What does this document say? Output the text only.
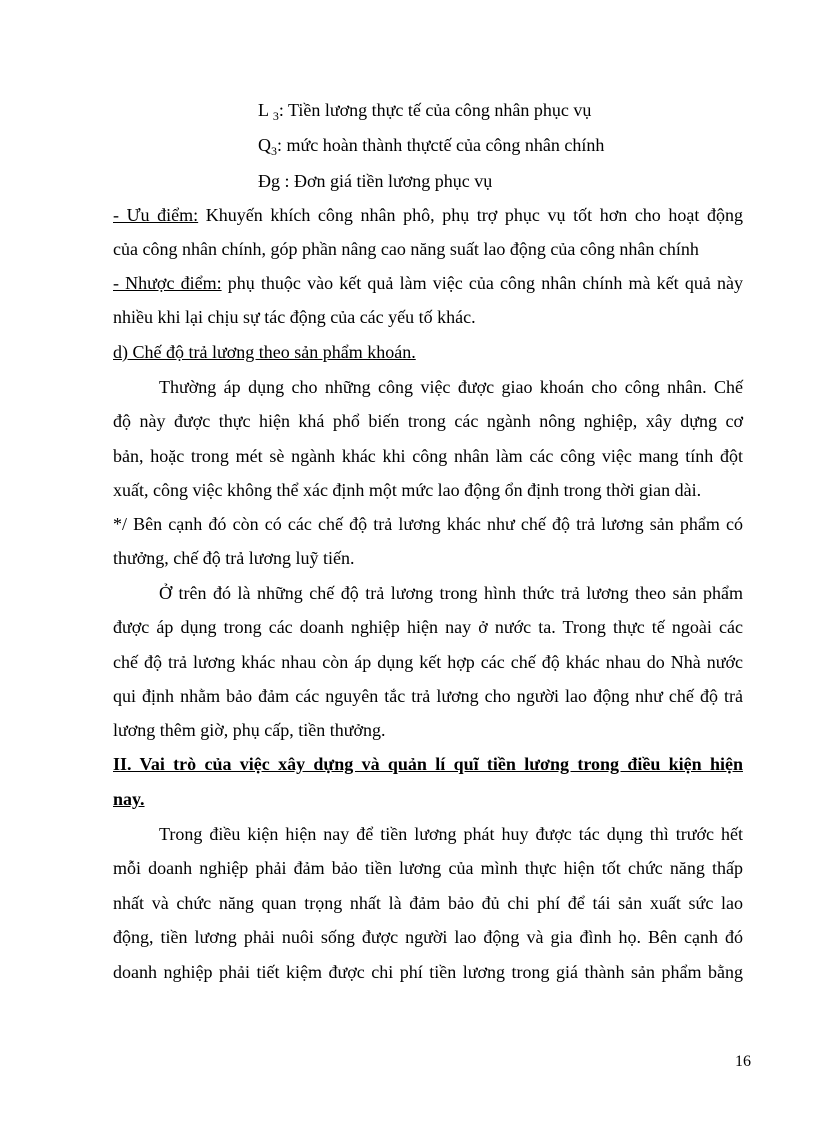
L $_3$: Tiền lương thực tế của công nhân phục vụ
$Q_3$: mức hoàn thành thựctế của công nhân chính
Đg : Đơn giá tiền lương phục vụ
- Ưu điểm: Khuyến khích công nhân phô, phụ trợ phục vụ tốt hơn cho hoạt động
của công nhân chính, góp phần nâng cao năng suất lao động của công nhân chính
- Nhược điểm: phụ thuộc vào kết quả làm việc của công nhân chính mà kết quả này
nhiều khi lại chịu sự tác động của các yếu tố khác.
d) Chế độ trả lương theo sản phẩm khoán.
Thường áp dụng cho những công việc được giao khoán cho công nhân. Chế
độ này được thực hiện khá phổ biến trong các ngành nông nghiệp, xây dựng cơ
bản, hoặc trong mét sè ngành khác khi công nhân làm các công việc mang tính đột
xuất, công việc không thể xác định một mức lao động ổn định trong thời gian dài.
*/ Bên cạnh đó còn có các chế độ trả lương khác như chế độ trả lương sản phẩm có
thưởng, chế độ trả lương luỹ tiến.
Ở trên đó là những chế độ trả lương trong hình thức trả lương theo sản phẩm
được áp dụng trong các doanh nghiệp hiện nay ở nước ta. Trong thực tế ngoài các
chế độ trả lương khác nhau còn áp dụng kết hợp các chế độ khác nhau do Nhà nước
qui định nhằm bảo đảm các nguyên tắc trả lương cho người lao động như chế độ trả
lương thêm giờ, phụ cấp, tiền thưởng.
II. Vai trò của việc xây dựng và quản lí quĩ tiền lương trong điều kiện hiện
nay.
Trong điều kiện hiện nay để tiền lương phát huy được tác dụng thì trước hết
mỗi doanh nghiệp phải đảm bảo tiền lương của mình thực hiện tốt chức năng thấp
nhất và chức năng quan trọng nhất là đảm bảo đủ chi phí để tái sản xuất sức lao
động, tiền lương phải nuôi sống được người lao động và gia đình họ. Bên cạnh đó
doanh nghiệp phải tiết kiệm được chi phí tiền lương trong giá thành sản phẩm bằng
16
